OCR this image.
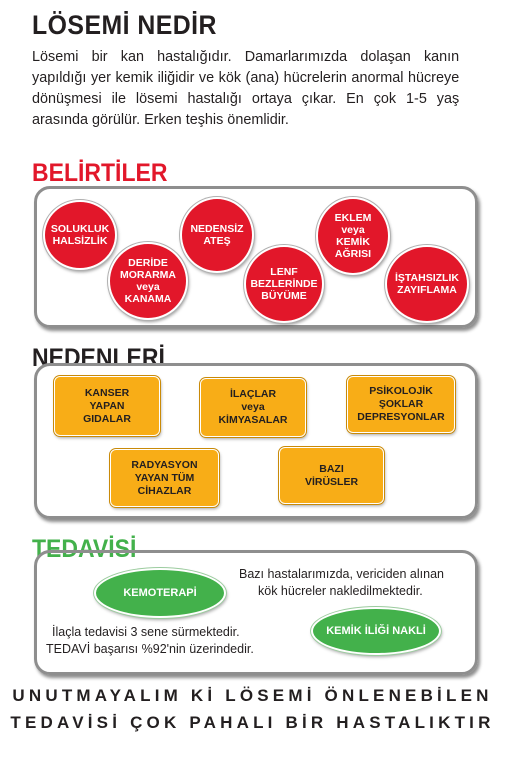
LÖSEMİ NEDİR
Lösemi bir kan hastalığıdır. Damarlarımızda dolaşan kanın yapıldığı yer kemik iliğidir ve kök (ana) hücrelerin anormal hücreye dönüşmesi ile lösemi hastalığı ortaya çıkar. En çok 1-5 yaş arasında görülür. Erken teşhis önemlidir.
BELİRTİLER
SOLUKLUK
HALSİZLİK
DERİDE
MORARMA
veya
KANAMA
NEDENSİZ
ATEŞ
LENF
BEZLERİNDE
BÜYÜME
EKLEM
veya
KEMİK
AĞRISI
İŞTAHSIZLIK
ZAYIFLAMA
NEDENLERİ
KANSER
YAPAN
GIDALAR
İLAÇLAR
veya
KİMYASALAR
PSİKOLOJİK
ŞOKLAR
DEPRESYONLAR
RADYASYON
YAYAN TÜM
CİHAZLAR
BAZI
VİRÜSLER
TEDAVİSİ
KEMOTERAPİ
KEMİK İLİĞİ NAKLİ
Bazı hastalarımızda, vericiden alınan
kök hücreler nakledilmektedir.
İlaçla tedavisi 3 sene sürmektedir.
TEDAVİ başarısı %92'nin üzerindedir.
UNUTMAYALIM Kİ LÖSEMİ ÖNLENEBİLEN
TEDAVİSİ ÇOK PAHALI BİR HASTALIKTIR
